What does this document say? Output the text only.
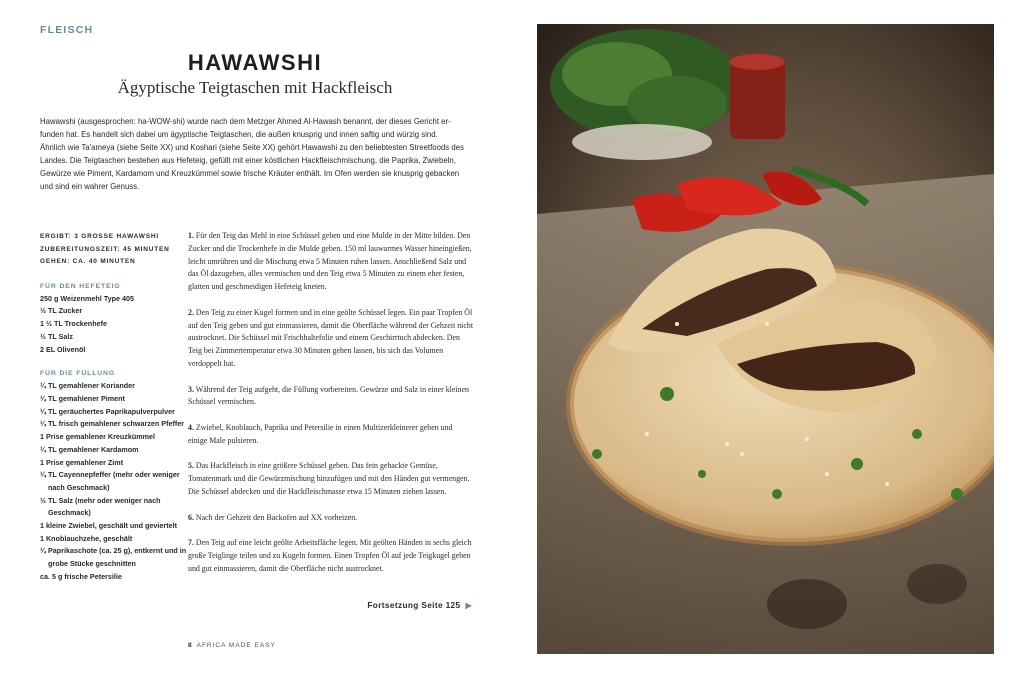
FLEISCH
HAWAWSHI
Ägyptische Teigtaschen mit Hackfleisch

Hawawshi (ausgesprochen: ha-WOW-shi) wurde nach dem Metzger Ahmed Al-Hawash benannt, der dieses Gericht er-

funden hat. Es handelt sich dabei um ägyptische Teigtaschen, die außen knusprig und innen saftig und würzig sind.

Ähnlich wie Ta'ameya (siehe Seite XX) und Koshari (siehe Seite XX) gehört Hawawshi zu den beliebtesten Streetfoods des

Landes. Die Teigtaschen bestehen aus Hefeteig, gefüllt mit einer köstlichen Hackfleischmischung, die Paprika, Zwiebeln,

Gewürze wie Piment, Kardamom und Kreuzkümmel sowie frische Kräuter enthält. Im Ofen werden sie knusprig gebacken

und sind ein wahrer Genuss.

ERGIBT: 3 GROSSE HAWAWSHI
ZUBEREITUNGSZEIT: 45 MINUTEN
GEHEN: CA. 40 MINUTEN
FÜR DEN HEFETEIG
250 g Weizenmehl Type 405
½ TL Zucker
1 ½ TL Trockenhefe
½ TL Salz
2 EL Olivenöl
FÜR DIE FÜLLUNG
¼ TL gemahlener Koriander
¼ TL gemahlener Piment
¼ TL geräuchertes Paprikapulverpulver
¼ TL frisch gemahlener schwarzen Pfeffer
1 Prise gemahlener Kreuzkümmel
¼ TL gemahlener Kardamom
1 Prise gemahlener Zimt
¼ TL Cayennepfeffer (mehr oder weniger nach Geschmack)
½ TL Salz (mehr oder weniger nach Geschmack)
1 kleine Zwiebel, geschält und geviertelt
1 Knoblauchzehe, geschält
¼ Paprikaschote (ca. 25 g), entkernt und in grobe Stücke geschnitten
ca. 5 g frische Petersilie

1. Für den Teig das Mehl in eine Schüssel geben und eine Mulde in der Mitte bilden. Den Zucker und die Trockenhefe in die Mulde geben. 150 ml lauwarmes Wasser hineingießen, leicht umrühren und die Mischung etwa 5 Minuten ruhen lassen. Anschließend Salz und das Öl dazugeben, alles vermischen und den Teig etwa 5 Minuten zu einem eher festen, glatten und geschmeidigen Hefeteig kneten.

2. Den Teig zu einer Kugel formen und in eine geölte Schüssel legen. Ein paar Tropfen Öl auf den Teig geben und gut einmassieren, damit die Oberfläche während der Gehzeit nicht austrocknet. Die Schüssel mit Frischhaltefolie und einem Geschirrtuch abdecken. Den Teig bei Zimmertemperatur etwa 30 Minuten gehen lassen, bis sich das Volumen verdoppelt hat.

3. Während der Teig aufgeht, die Füllung vorbereiten. Gewürze und Salz in einer kleinen Schüssel vermischen.

4. Zwiebel, Knoblauch, Paprika und Petersilie in einen Multizerkleinerer geben und einige Male pulsieren.

5. Das Hackfleisch in eine größere Schüssel geben. Das fein gehackte Gemüse, Tomatenmark und die Gewürzmischung hinzufügen und mit den Händen gut vermengen. Die Schüssel abdecken und die Hackfleischmasse etwa 15 Minuten ziehen lassen.

6. Nach der Gehzeit den Backofen auf XX vorheizen.

7. Den Teig auf eine leicht geölte Arbeitsfläche legen. Mit geölten Händen in sechs gleich große Teiglinge teilen und zu Kugeln formen. Einen Tropfen Öl auf jede Teigkugel geben und gut einmassieren, damit die Oberfläche nicht austrocknet.

Fortsetzung Seite 125 ▶
8 AFRICA MADE EASY
